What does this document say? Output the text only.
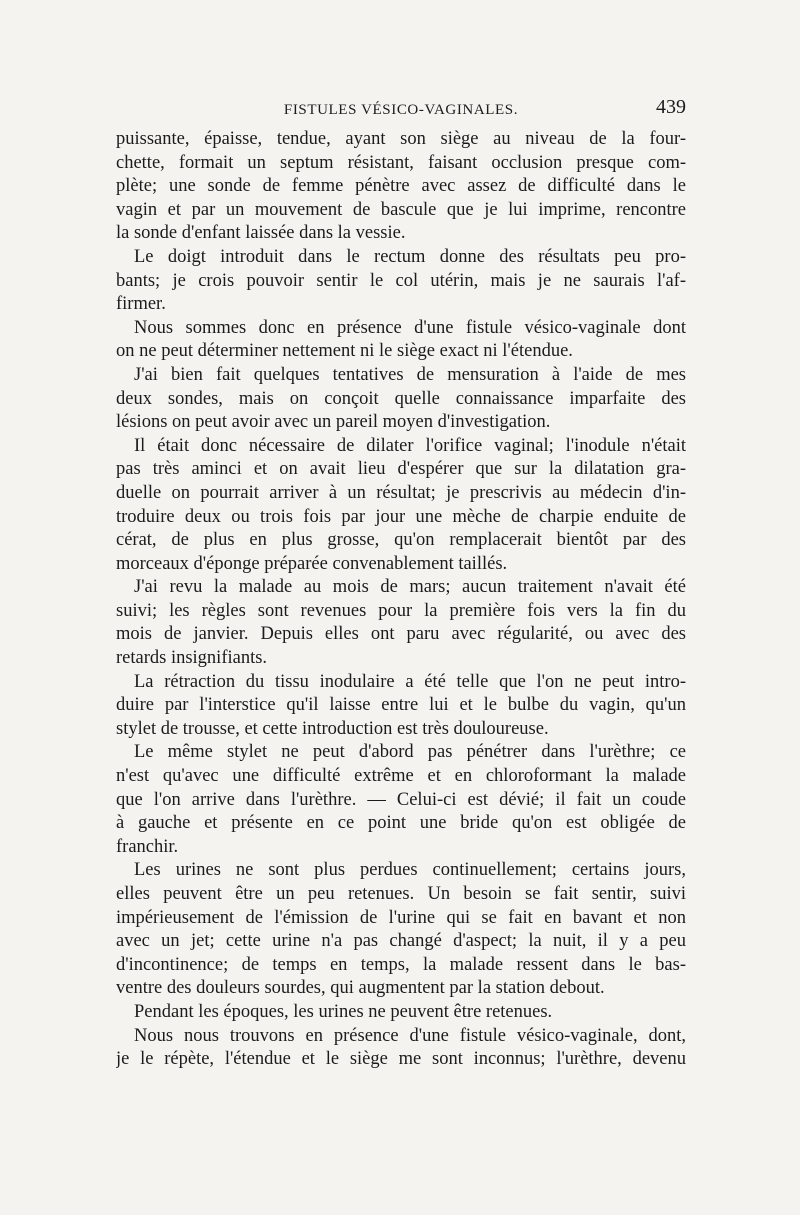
FISTULES VÉSICO-VAGINALES.	439
puissante, épaisse, tendue, ayant son siège au niveau de la four-
chette, formait un septum résistant, faisant occlusion presque com-
plète; une sonde de femme pénètre avec assez de difficulté dans le
vagin et par un mouvement de bascule que je lui imprime, rencontre
la sonde d'enfant laissée dans la vessie.
Le doigt introduit dans le rectum donne des résultats peu pro-
bants; je crois pouvoir sentir le col utérin, mais je ne saurais l'af-
firmer.
Nous sommes donc en présence d'une fistule vésico-vaginale dont
on ne peut déterminer nettement ni le siège exact ni l'étendue.
J'ai bien fait quelques tentatives de mensuration à l'aide de mes
deux sondes, mais on conçoit quelle connaissance imparfaite des
lésions on peut avoir avec un pareil moyen d'investigation.
Il était donc nécessaire de dilater l'orifice vaginal; l'inodule n'était
pas très aminci et on avait lieu d'espérer que sur la dilatation gra-
duelle on pourrait arriver à un résultat; je prescrivis au médecin d'in-
troduire deux ou trois fois par jour une mèche de charpie enduite de
cérat, de plus en plus grosse, qu'on remplacerait bientôt par des
morceaux d'éponge préparée convenablement taillés.
J'ai revu la malade au mois de mars; aucun traitement n'avait été
suivi; les règles sont revenues pour la première fois vers la fin du
mois de janvier. Depuis elles ont paru avec régularité, ou avec des
retards insignifiants.
La rétraction du tissu inodulaire a été telle que l'on ne peut intro-
duire par l'interstice qu'il laisse entre lui et le bulbe du vagin, qu'un
stylet de trousse, et cette introduction est très douloureuse.
Le même stylet ne peut d'abord pas pénétrer dans l'urèthre; ce
n'est qu'avec une difficulté extrême et en chloroformant la malade
que l'on arrive dans l'urèthre. — Celui-ci est dévié; il fait un coude
à gauche et présente en ce point une bride qu'on est obligée de
franchir.
Les urines ne sont plus perdues continuellement; certains jours,
elles peuvent être un peu retenues. Un besoin se fait sentir, suivi
impérieusement de l'émission de l'urine qui se fait en bavant et non
avec un jet; cette urine n'a pas changé d'aspect; la nuit, il y a peu
d'incontinence; de temps en temps, la malade ressent dans le bas-
ventre des douleurs sourdes, qui augmentent par la station debout.
Pendant les époques, les urines ne peuvent être retenues.
Nous nous trouvons en présence d'une fistule vésico-vaginale, dont,
je le répète, l'étendue et le siège me sont inconnus; l'urèthre, devenu
